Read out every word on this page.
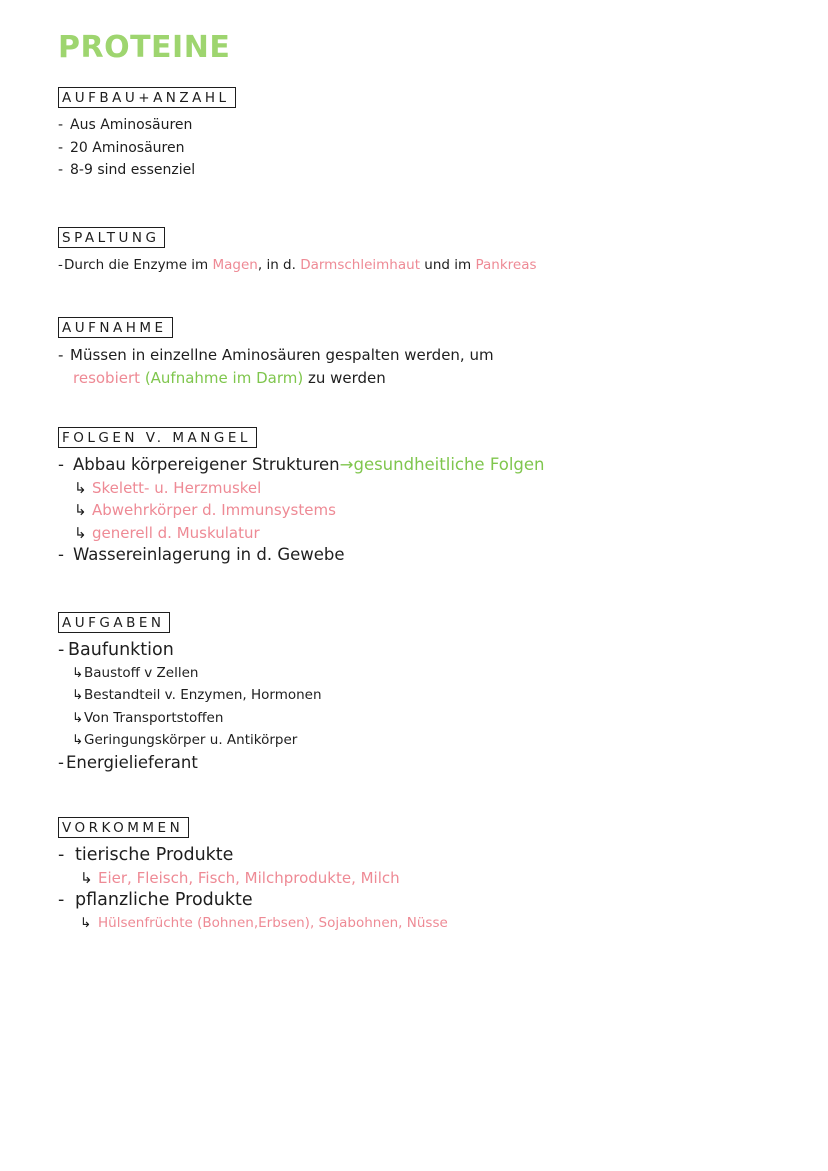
PROTEINE
AUFBAU+ANZAHL
- Aus Aminosäuren
- 20 Aminosäuren
- 8-9 sind essenziel
SPALTUNG
-Durch die Enzyme im Magen, in d. Darmschleimhaut und im Pankreas
AUFNAHME
- Müssen in einzellne Aminosäuren gespalten werden, um
resobiert (Aufnahme im Darm) zu werden
FOLGEN V. MANGEL
- Abbau körpereigener Strukturen→gesundheitliche Folgen
↳ Skelett- u. Herzmuskel
↳ Abwehrkörper d. Immunsystems
↳ generell d. Muskulatur
- Wassereinlagerung in d. Gewebe
AUFGABEN
- Baufunktion
↳Baustoff v Zellen
↳Bestandteil v. Enzymen, Hormonen
↳Von Transportstoffen
↳Geringungskörper u. Antikörper
- Energielieferant
VORKOMMEN
- tierische Produkte
↳ Eier, Fleisch, Fisch, Milchprodukte, Milch
- pflanzliche Produkte
↳ Hülsenfrüchte (Bohnen,Erbsen), Sojabohnen, Nüsse
